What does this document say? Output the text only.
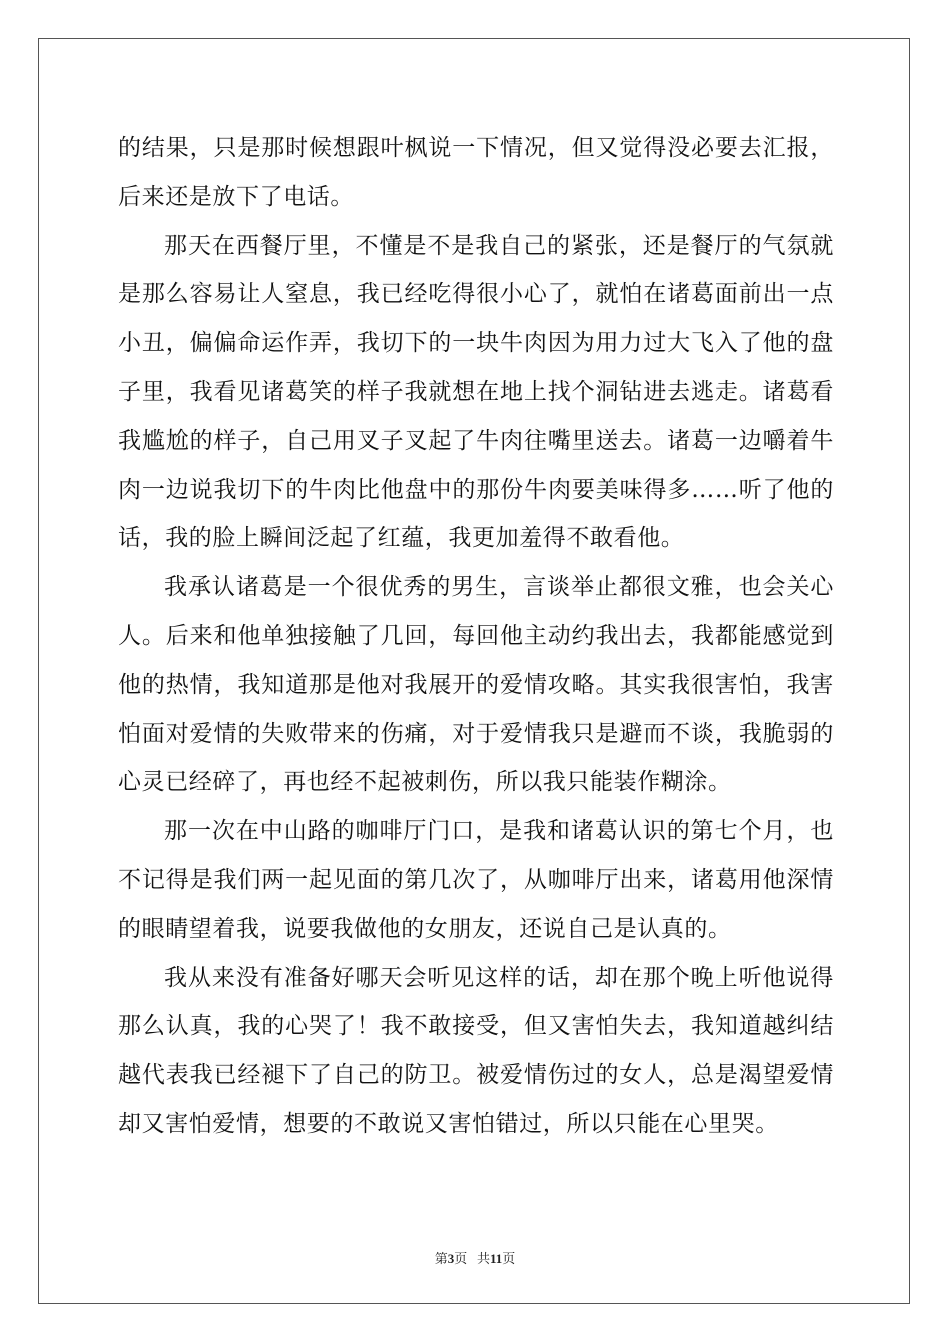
的结果，只是那时候想跟叶枫说一下情况，但又觉得没必要去汇报，后来还是放下了电话。

那天在西餐厅里，不懂是不是我自己的紧张，还是餐厅的气氛就是那么容易让人窒息，我已经吃得很小心了，就怕在诸葛面前出一点小丑，偏偏命运作弄，我切下的一块牛肉因为用力过大飞入了他的盘子里，我看见诸葛笑的样子我就想在地上找个洞钻进去逃走。诸葛看我尴尬的样子，自己用叉子叉起了牛肉往嘴里送去。诸葛一边嚼着牛肉一边说我切下的牛肉比他盘中的那份牛肉要美味得多……听了他的话，我的脸上瞬间泛起了红蕴，我更加羞得不敢看他。

我承认诸葛是一个很优秀的男生，言谈举止都很文雅，也会关心人。后来和他单独接触了几回，每回他主动约我出去，我都能感觉到他的热情，我知道那是他对我展开的爱情攻略。其实我很害怕，我害怕面对爱情的失败带来的伤痛，对于爱情我只是避而不谈，我脆弱的心灵已经碎了，再也经不起被刺伤，所以我只能装作糊涂。

那一次在中山路的咖啡厅门口，是我和诸葛认识的第七个月，也不记得是我们两一起见面的第几次了，从咖啡厅出来，诸葛用他深情的眼睛望着我，说要我做他的女朋友，还说自己是认真的。

我从来没有准备好哪天会听见这样的话，却在那个晚上听他说得那么认真，我的心哭了！我不敢接受，但又害怕失去，我知道越纠结越代表我已经褪下了自己的防卫。被爱情伤过的女人，总是渴望爱情却又害怕爱情，想要的不敢说又害怕错过，所以只能在心里哭。

第3页 共11页
